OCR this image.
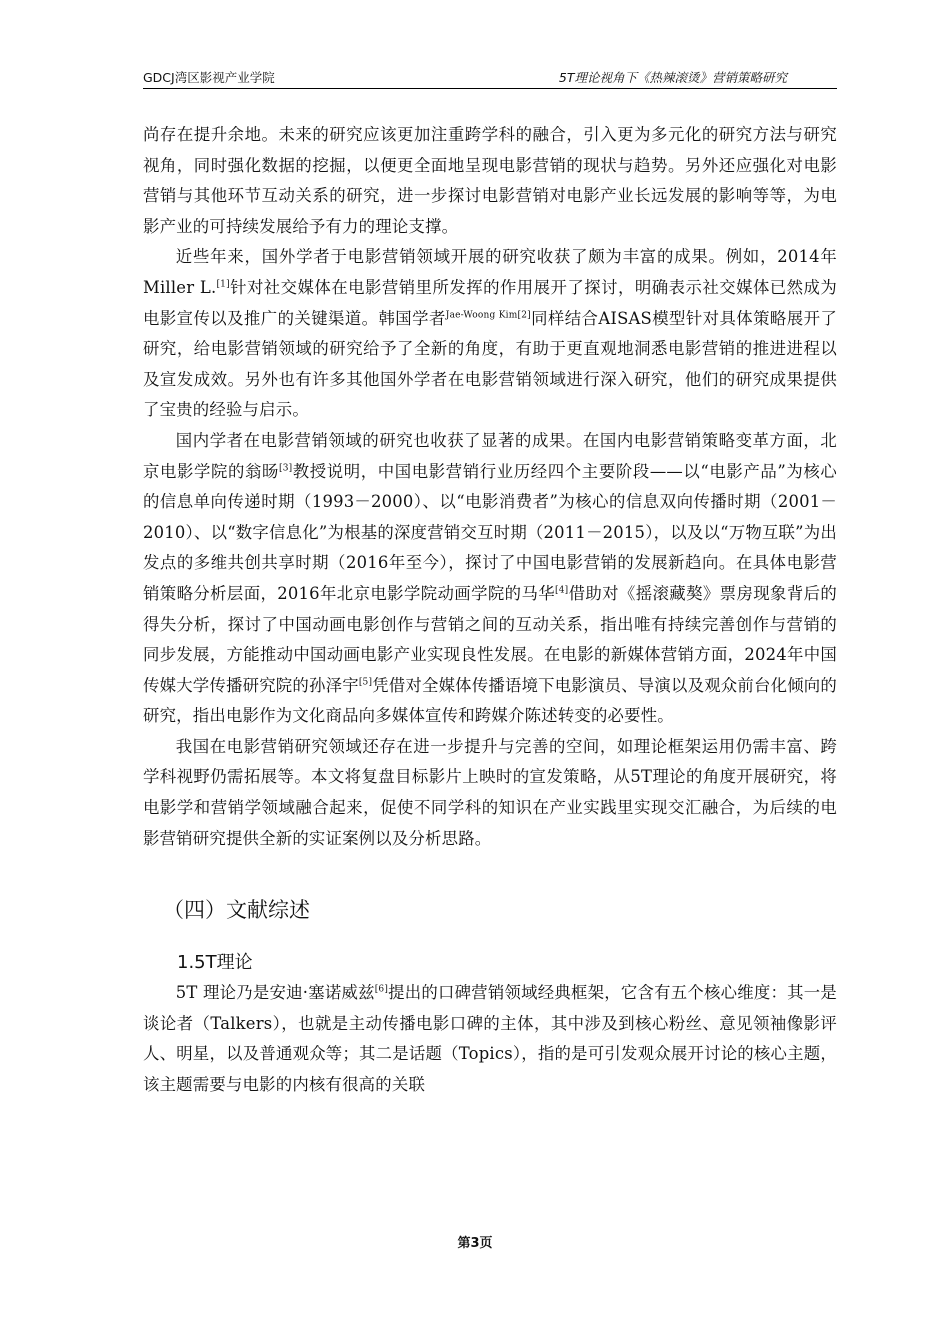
GDCJ湾区影视产业学院	5T理论视角下《热辣滚烫》营销策略研究

尚存在提升余地。未来的研究应该更加注重跨学科的融合，引入更为多元化的研究方法与研究视角，同时强化数据的挖掘，以便更全面地呈现电影营销的现状与趋势。另外还应强化对电影营销与其他环节互动关系的研究，进一步探讨电影营销对电影产业长远发展的影响等等，为电影产业的可持续发展给予有力的理论支撑。

近些年来，国外学者于电影营销领域开展的研究收获了颇为丰富的成果。例如，2014年Miller L.[1]针对社交媒体在电影营销里所发挥的作用展开了探讨，明确表示社交媒体已然成为电影宣传以及推广的关键渠道。韩国学者$^{Jae-Woong Kim[2]}$同样结合AISAS模型针对具体策略展开了研究，给电影营销领域的研究给予了全新的角度，有助于更直观地洞悉电影营销的推进进程以及宣发成效。另外也有许多其他国外学者在电影营销领域进行深入研究，他们的研究成果提供了宝贵的经验与启示。

国内学者在电影营销领域的研究也收获了显著的成果。在国内电影营销策略变革方面，北京电影学院的翁旸[3]教授说明，中国电影营销行业历经四个主要阶段——以“电影产品”为核心的信息单向传递时期（1993－2000）、以“电影消费者”为核心的信息双向传播时期（2001－2010）、以“数字信息化”为根基的深度营销交互时期（2011－2015），以及以“万物互联”为出发点的多维共创共享时期（2016年至今），探讨了中国电影营销的发展新趋向。在具体电影营销策略分析层面，2016年北京电影学院动画学院的马华[4]借助对《摇滚藏獒》票房现象背后的得失分析，探讨了中国动画电影创作与营销之间的互动关系，指出唯有持续完善创作与营销的同步发展，方能推动中国动画电影产业实现良性发展。在电影的新媒体营销方面，2024年中国传媒大学传播研究院的孙泽宇[5]凭借对全媒体传播语境下电影演员、导演以及观众前台化倾向的研究，指出电影作为文化商品向多媒体宣传和跨媒介陈述转变的必要性。

我国在电影营销研究领域还存在进一步提升与完善的空间，如理论框架运用仍需丰富、跨学科视野仍需拓展等。本文将复盘目标影片上映时的宣发策略，从5T理论的角度开展研究，将电影学和营销学领域融合起来，促使不同学科的知识在产业实践里实现交汇融合，为后续的电影营销研究提供全新的实证案例以及分析思路。

（四）文献综述
1.5T理论

5T 理论乃是安迪·塞诺威兹[6]提出的口碑营销领域经典框架，它含有五个核心维度：其一是谈论者（Talkers），也就是主动传播电影口碑的主体，其中涉及到核心粉丝、意见领袖像影评人、明星，以及普通观众等；其二是话题（Topics），指的是可引发观众展开讨论的核心主题，该主题需要与电影的内核有很高的关联

第3页
